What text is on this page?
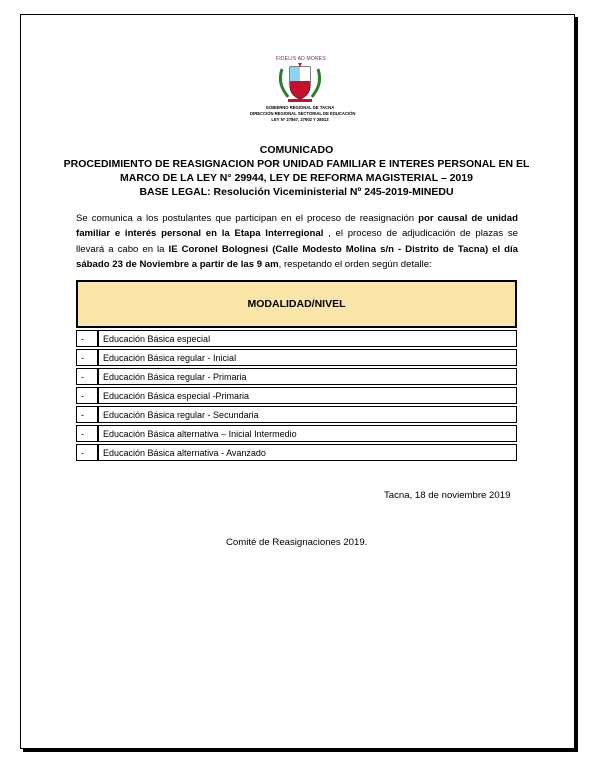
FIDELIS AD MORES
GOBIERNO REGIONAL DE TACNA
DIRECCIÓN REGIONAL SECTORIAL DE EDUCACIÓN
LEY Nº 27867, 27902 Y 28013
COMUNICADO
PROCEDIMIENTO DE REASIGNACION POR UNIDAD FAMILIAR E INTERES PERSONAL EN EL
MARCO DE LA LEY N° 29944, LEY DE REFORMA MAGISTERIAL – 2019
BASE LEGAL: Resolución Viceministerial Nº 245-2019-MINEDU
Se comunica a los postulantes que participan en el proceso de reasignación por causal de unidad familiar e interés personal en la Etapa Interregional , el proceso de adjudicación de plazas se llevará a cabo en la IE Coronel Bolognesi (Calle Modesto Molina s/n - Distrito de Tacna) el día sábado 23 de Noviembre a partir de las 9 am, respetando el orden según detalle:
MODALIDAD/NIVEL	
-	Educación Básica especial
-	Educación Básica regular - Inicial
-	Educación Básica regular - Primaria
-	Educación Básica especial -Primaria
-	Educación Básica regular - Secundaria
-	Educación Básica alternativa – Inicial Intermedio
-	Educación Básica alternativa - Avanzado
Tacna, 18 de noviembre 2019
Comité de Reasignaciones 2019.
